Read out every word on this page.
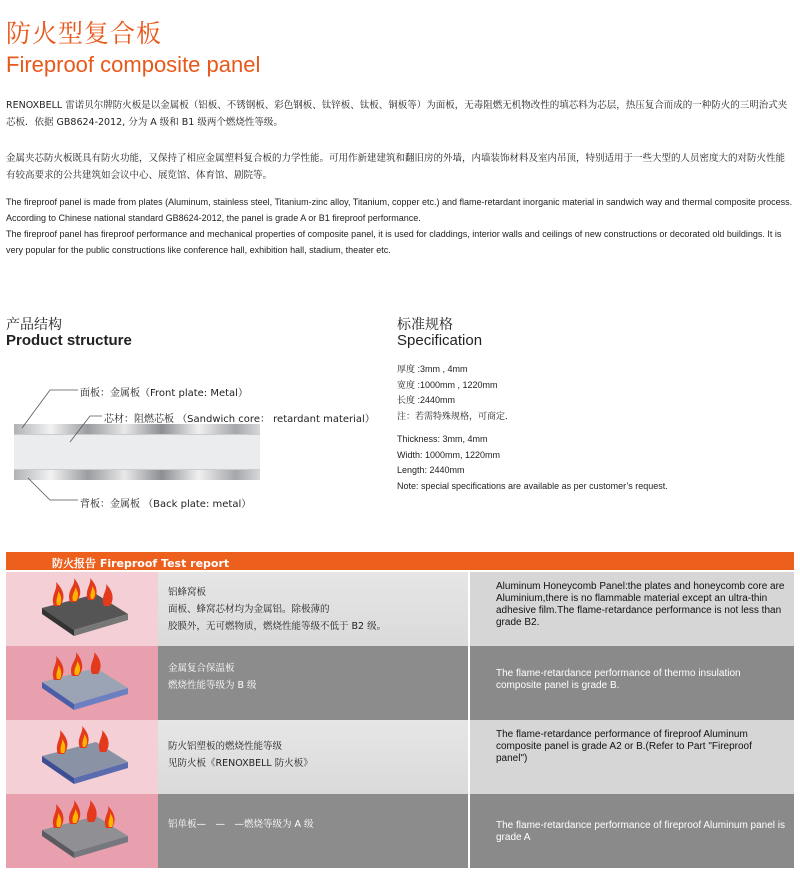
防火型复合板
Fireproof composite panel
RENOXBELL 雷诺贝尔牌防火板是以金属板（铝板、不锈钢板、彩色钢板、钛锌板、钛板、铜板等）为面板，无毒阻燃无机物改性的填芯料为芯层，热压复合而成的一种防火的三明治式夹芯板．依据 GB8624-2012, 分为 A 级和 B1 级两个燃烧性等级。
金属夹芯防火板既具有防火功能，又保持了相应金属塑料复合板的力学性能。可用作新建建筑和翻旧房的外墙，内墙装饰材料及室内吊顶，特别适用于一些大型的人员密度大的对防火性能有较高要求的公共建筑如会议中心、展览馆、体育馆、剧院等。
The fireproof panel is made from plates (Aluminum, stainless steel, Titanium-zinc alloy, Titanium, copper etc.) and flame-retardant inorganic material in sandwich way and thermal composite process. According to Chinese national standard GB8624-2012, the panel is grade A or B1 fireproof performance.
The fireproof panel has fireproof performance and mechanical properties of composite panel, it is used for claddings, interior walls and ceilings of new constructions or decorated old buildings. It is very popular for the public constructions like conference hall, exhibition hall, stadium, theater etc.
产品结构
Product structure
标准规格
Specification
面板：金属板（Front plate: Metal）
芯材：阻燃芯板 （Sandwich core： retardant material）
背板：金属板 （Back plate: metal）
厚度 :3mm , 4mm
宽度 :1000mm , 1220mm
长度 :2440mm
注：若需特殊规格，可商定．
Thickness: 3mm, 4mm
Width: 1000mm, 1220mm
Length: 2440mm
Note: special specifications are available as per customer’s request.
防火报告 Fireproof Test report
铝蜂窝板
面板、蜂窝芯材均为金属铝。除极薄的
胶膜外，无可燃物质，燃烧性能等级不低于 B2 级。
Aluminum Honeycomb Panel:the plates and honeycomb core are Aluminium,there is no flammable material except an ultra-thin adhesive film.The flame-retardance performance is not less than grade B2.
金属复合保温板
燃烧性能等级为 B 级
The flame-retardance performance of thermo insulation composite panel is grade B.
防火铝塑板的燃烧性能等级
见防火板《RENOXBELL 防火板》
The flame-retardance performance of fireproof Aluminum composite panel is grade A2 or B.(Refer to Part "Fireproof panel")
铝单板—　—　—燃烧等级为 A 级	The flame-retardance performance of fireproof Aluminum panel is grade A
